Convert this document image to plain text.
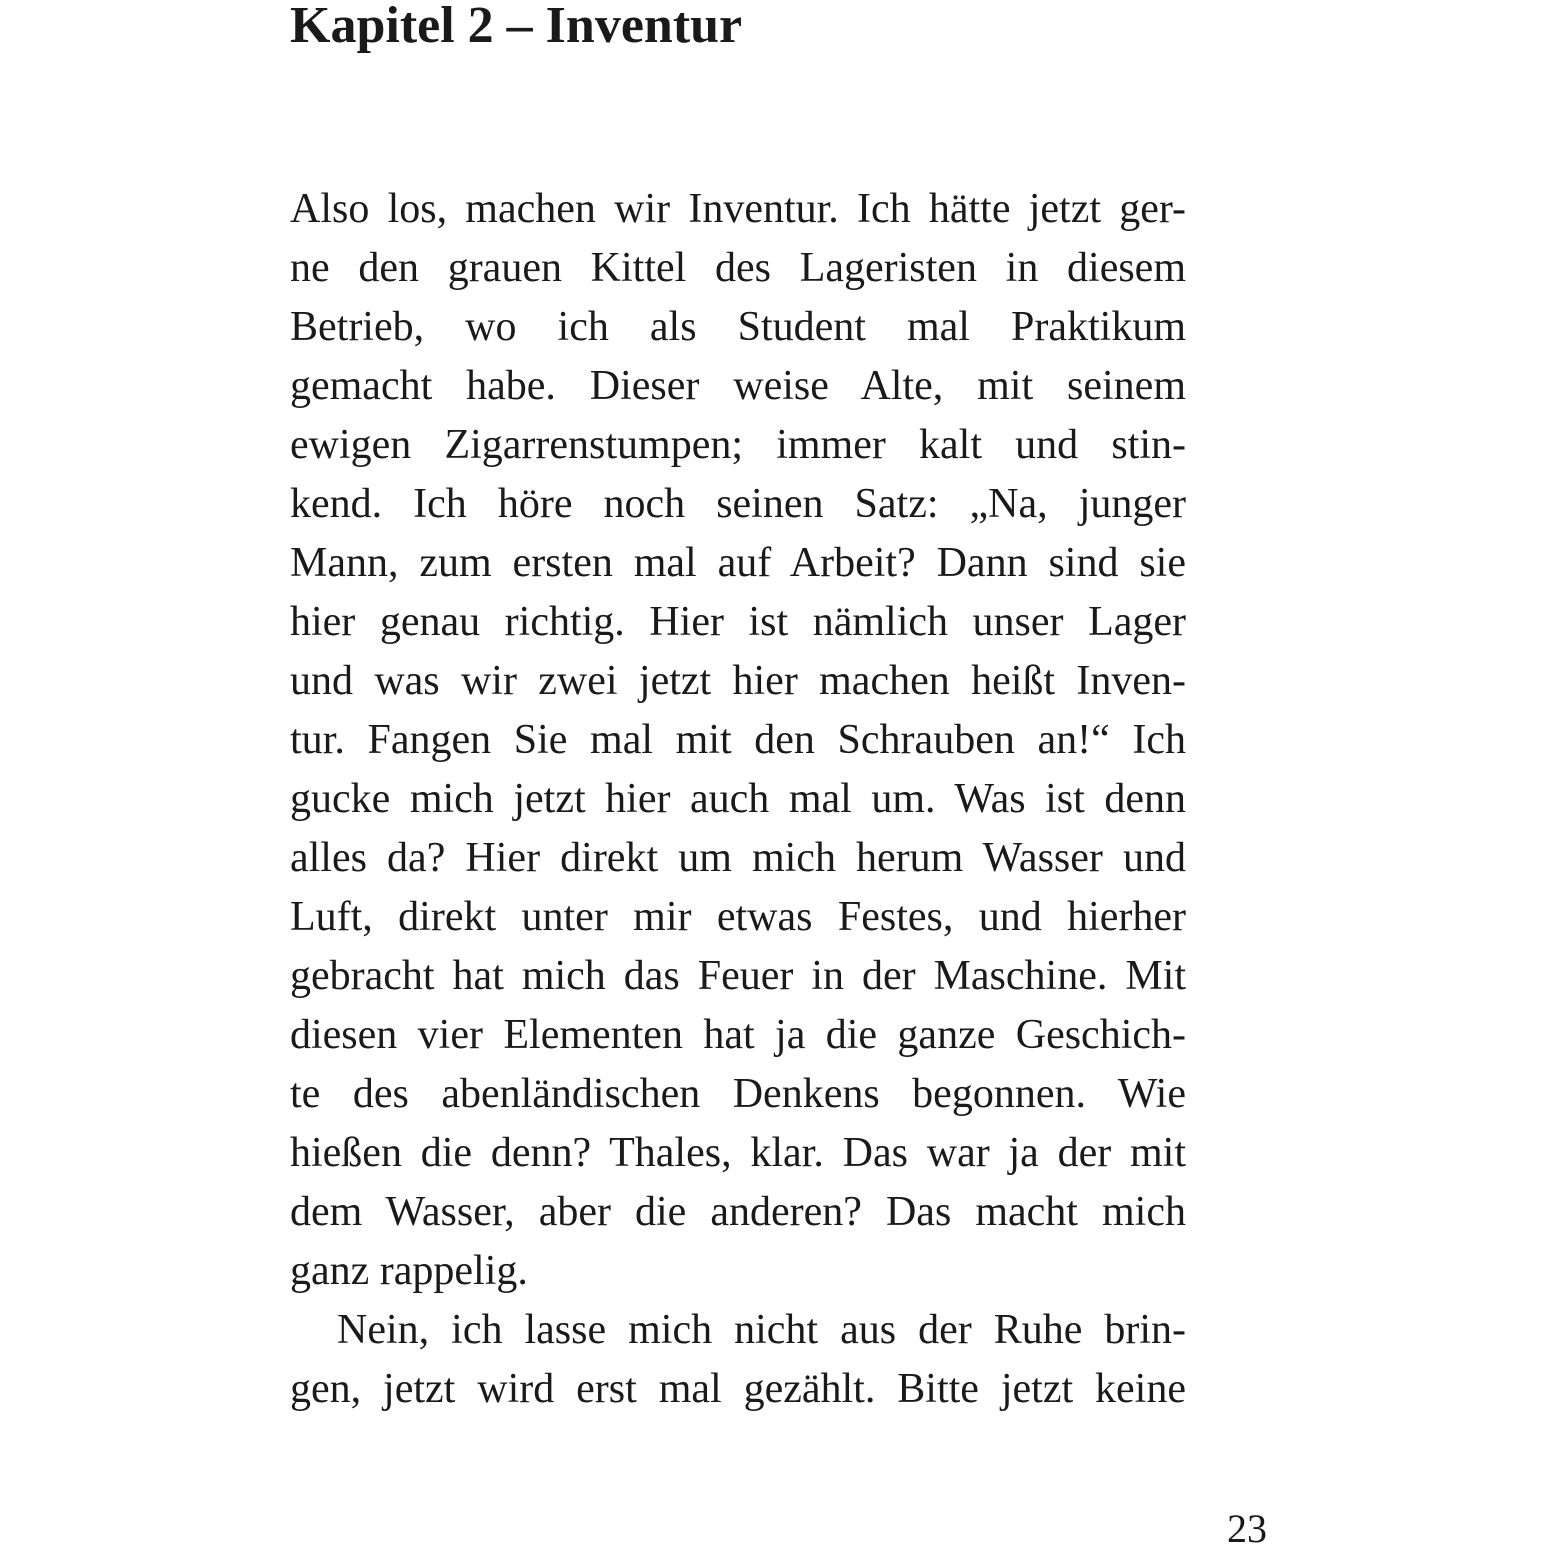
Kapitel 2 – Inventur
Also los, machen wir Inventur. Ich hätte jetzt ger-
ne den grauen Kittel des Lageristen in diesem
Betrieb, wo ich als Student mal Praktikum
gemacht habe. Dieser weise Alte, mit seinem
ewigen Zigarrenstumpen; immer kalt und stin-
kend. Ich höre noch seinen Satz: „Na, junger
Mann, zum ersten mal auf Arbeit? Dann sind sie
hier genau richtig. Hier ist nämlich unser Lager
und was wir zwei jetzt hier machen heißt Inven-
tur. Fangen Sie mal mit den Schrauben an!“ Ich
gucke mich jetzt hier auch mal um. Was ist denn
alles da? Hier direkt um mich herum Wasser und
Luft, direkt unter mir etwas Festes, und hierher
gebracht hat mich das Feuer in der Maschine. Mit
diesen vier Elementen hat ja die ganze Geschich-
te des abenländischen Denkens begonnen. Wie
hießen die denn? Thales, klar. Das war ja der mit
dem Wasser, aber die anderen? Das macht mich
ganz rappelig.
Nein, ich lasse mich nicht aus der Ruhe brin-
gen, jetzt wird erst mal gezählt. Bitte jetzt keine
23
